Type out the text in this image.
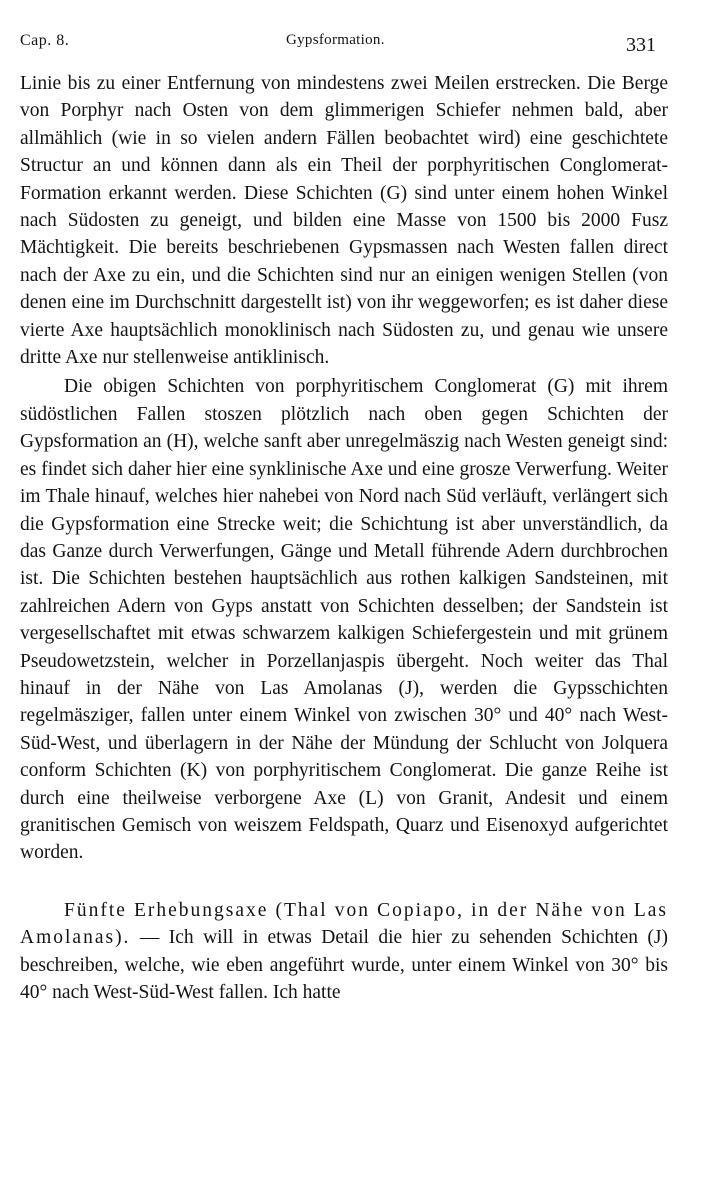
Cap. 8.	Gypsformation.	331

Linie bis zu einer Entfernung von mindestens zwei Meilen erstrecken. Die Berge von Porphyr nach Osten von dem glimmerigen Schiefer nehmen bald, aber allmählich (wie in so vielen andern Fällen beobachtet wird) eine geschichtete Structur an und können dann als ein Theil der porphyritischen Conglomerat-Formation erkannt werden. Diese Schichten (G) sind unter einem hohen Winkel nach Südosten zu geneigt, und bilden eine Masse von 1500 bis 2000 Fusz Mächtigkeit. Die bereits beschriebenen Gypsmassen nach Westen fallen direct nach der Axe zu ein, und die Schichten sind nur an einigen wenigen Stellen (von denen eine im Durchschnitt dargestellt ist) von ihr weggeworfen; es ist daher diese vierte Axe hauptsächlich monoklinisch nach Südosten zu, und genau wie unsere dritte Axe nur stellenweise antiklinisch.

Die obigen Schichten von porphyritischem Conglomerat (G) mit ihrem südöstlichen Fallen stoszen plötzlich nach oben gegen Schichten der Gypsformation an (H), welche sanft aber unregelmäszig nach Westen geneigt sind: es findet sich daher hier eine synklinische Axe und eine grosze Verwerfung. Weiter im Thale hinauf, welches hier nahebei von Nord nach Süd verläuft, verlängert sich die Gypsformation eine Strecke weit; die Schichtung ist aber unverständlich, da das Ganze durch Verwerfungen, Gänge und Metall führende Adern durchbrochen ist. Die Schichten bestehen hauptsächlich aus rothen kalkigen Sandsteinen, mit zahlreichen Adern von Gyps anstatt von Schichten desselben; der Sandstein ist vergesellschaftet mit etwas schwarzem kalkigen Schiefergestein und mit grünem Pseudowetzstein, welcher in Porzellanjaspis übergeht. Noch weiter das Thal hinauf in der Nähe von Las Amolanas (J), werden die Gypsschichten regelmäsziger, fallen unter einem Winkel von zwischen 30° und 40° nach West-Süd-West, und überlagern in der Nähe der Mündung der Schlucht von Jolquera conform Schichten (K) von porphyritischem Conglomerat. Die ganze Reihe ist durch eine theilweise verborgene Axe (L) von Granit, Andesit und einem granitischen Gemisch von weiszem Feldspath, Quarz und Eisenoxyd aufgerichtet worden.

Fünfte Erhebungsaxe (Thal von Copiapo, in der Nähe von Las Amolanas). — Ich will in etwas Detail die hier zu sehenden Schichten (J) beschreiben, welche, wie eben angeführt wurde, unter einem Winkel von 30° bis 40° nach West-Süd-West fallen. Ich hatte
